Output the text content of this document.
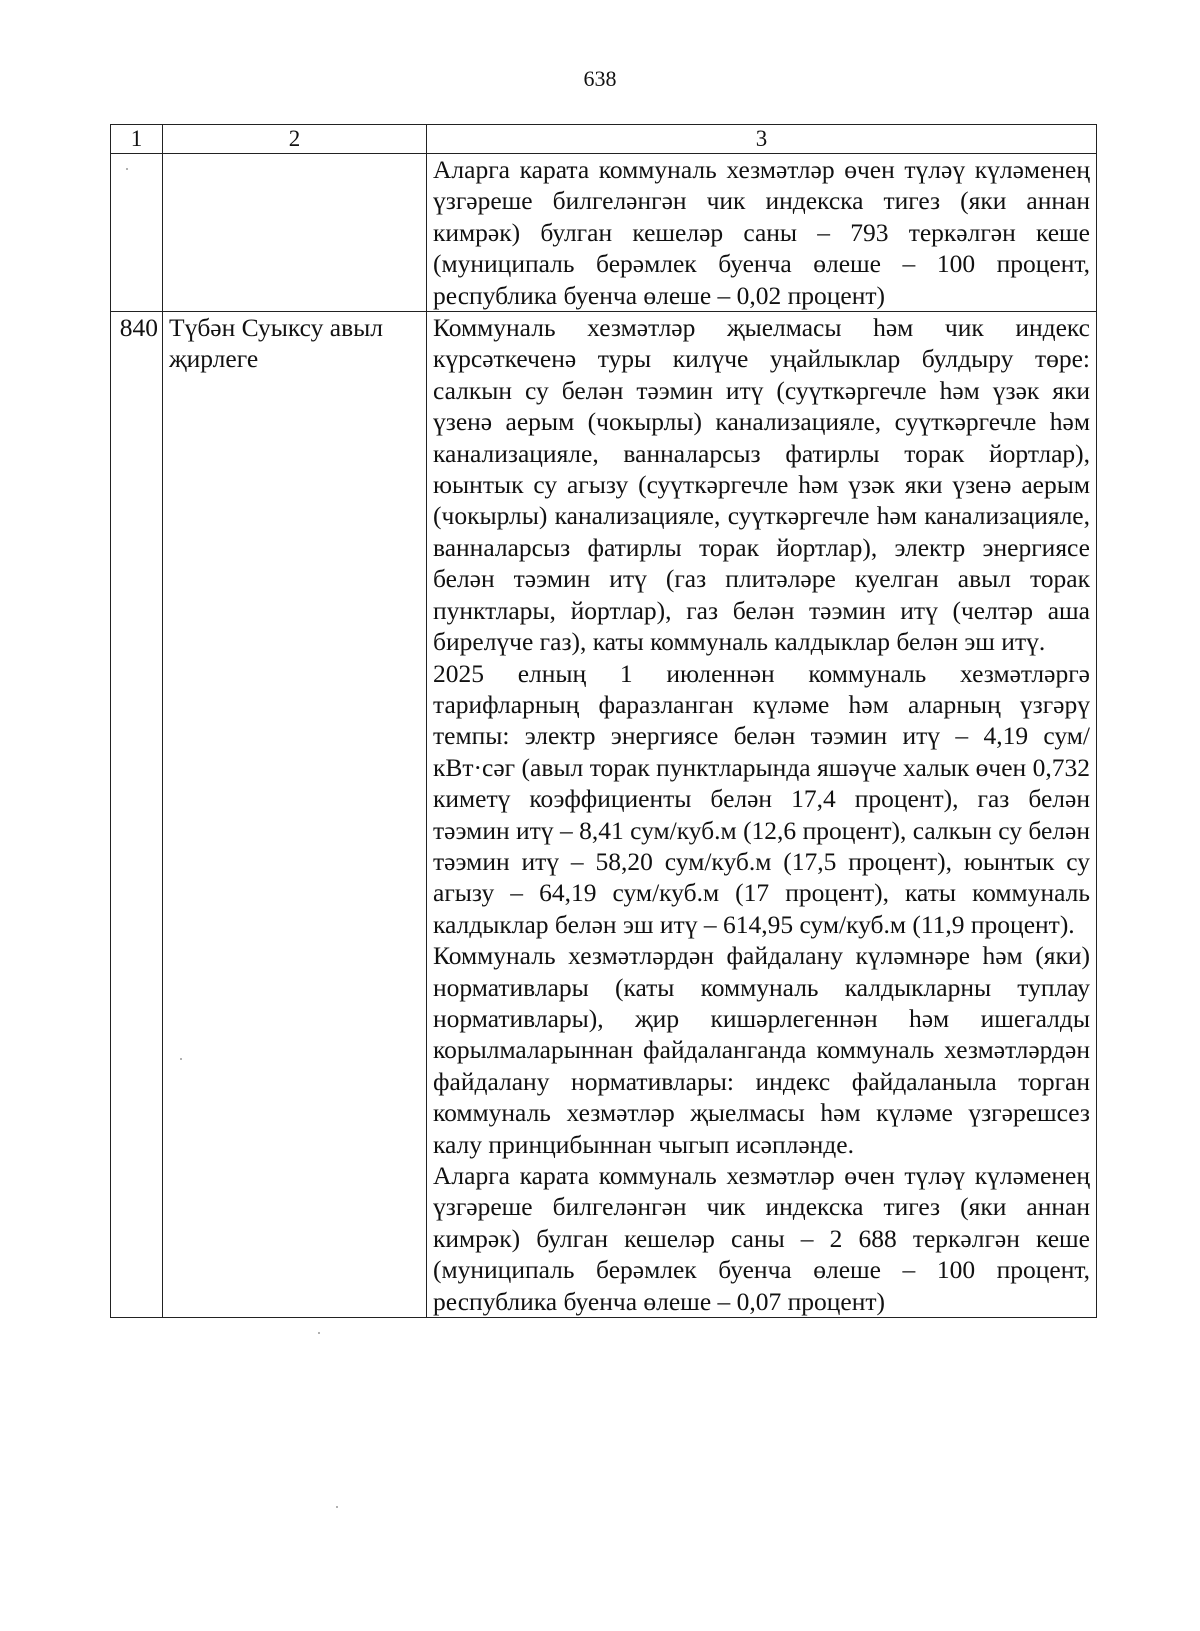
638
1	2	3

		Аларга карата коммуналь хезмәтләр өчен түләү күләменең үзгәреше билгеләнгән чик индекска тигез (яки аннан кимрәк) булган кешеләр саны – 793 теркәлгән кеше (муниципаль берәмлек буенча өлеше – 100 процент, республика буенча өлеше – 0,02 процент)

840	Түбән Суыксу авыл җирлеге	Коммуналь хезмәтләр җыелмасы һәм чик индекс күрсәткеченә туры килүче уңайлыклар булдыру төре: салкын су белән тәэмин итү (суүткәргечле һәм үзәк яки үзенә аерым (чокырлы) канализацияле, суүткәргечле һәм канализацияле, ванналарсыз фатирлы торак йортлар), юынтык су агызу (суүткәргечле һәм үзәк яки үзенә аерым (чокырлы) канализацияле, суүткәргечле һәм канализацияле, ванналарсыз фатирлы торак йортлар), электр энергиясе белән тәэмин итү (газ плитәләре куелган авыл торак пунктлары, йортлар), газ белән тәэмин итү (челтәр аша бирелүче газ), каты коммуналь калдыклар белән эш итү.
2025 елның 1 июленнән коммуналь хезмәтләргә тарифларның фаразланган күләме һәм аларның үзгәрү темпы: электр энергиясе белән тәэмин итү – 4,19 сум/кВт·сәг (авыл торак пунктларында яшәүче халык өчен 0,732 киметү коэффициенты белән 17,4 процент), газ белән тәэмин итү – 8,41 сум/куб.м (12,6 процент), салкын су белән тәэмин итү – 58,20 сум/куб.м (17,5 процент), юынтык су агызу – 64,19 сум/куб.м (17 процент), каты коммуналь калдыклар белән эш итү – 614,95 сум/куб.м (11,9 процент).
Коммуналь хезмәтләрдән файдалану күләмнәре һәм (яки) нормативлары (каты коммуналь калдыкларны туплау нормативлары), җир кишәрлегеннән һәм ишегалды корылмаларыннан файдаланганда коммуналь хезмәтләрдән файдалану нормативлары: индекс файдаланыла торган коммуналь хезмәтләр җыелмасы һәм күләме үзгәрешсез калу принцибыннан чыгып исәпләнде.
Аларга карата коммуналь хезмәтләр өчен түләү күләменең үзгәреше билгеләнгән чик индекска тигез (яки аннан кимрәк) булган кешеләр саны – 2 688 теркәлгән кеше (муниципаль берәмлек буенча өлеше – 100 процент, республика буенча өлеше – 0,07 процент)
